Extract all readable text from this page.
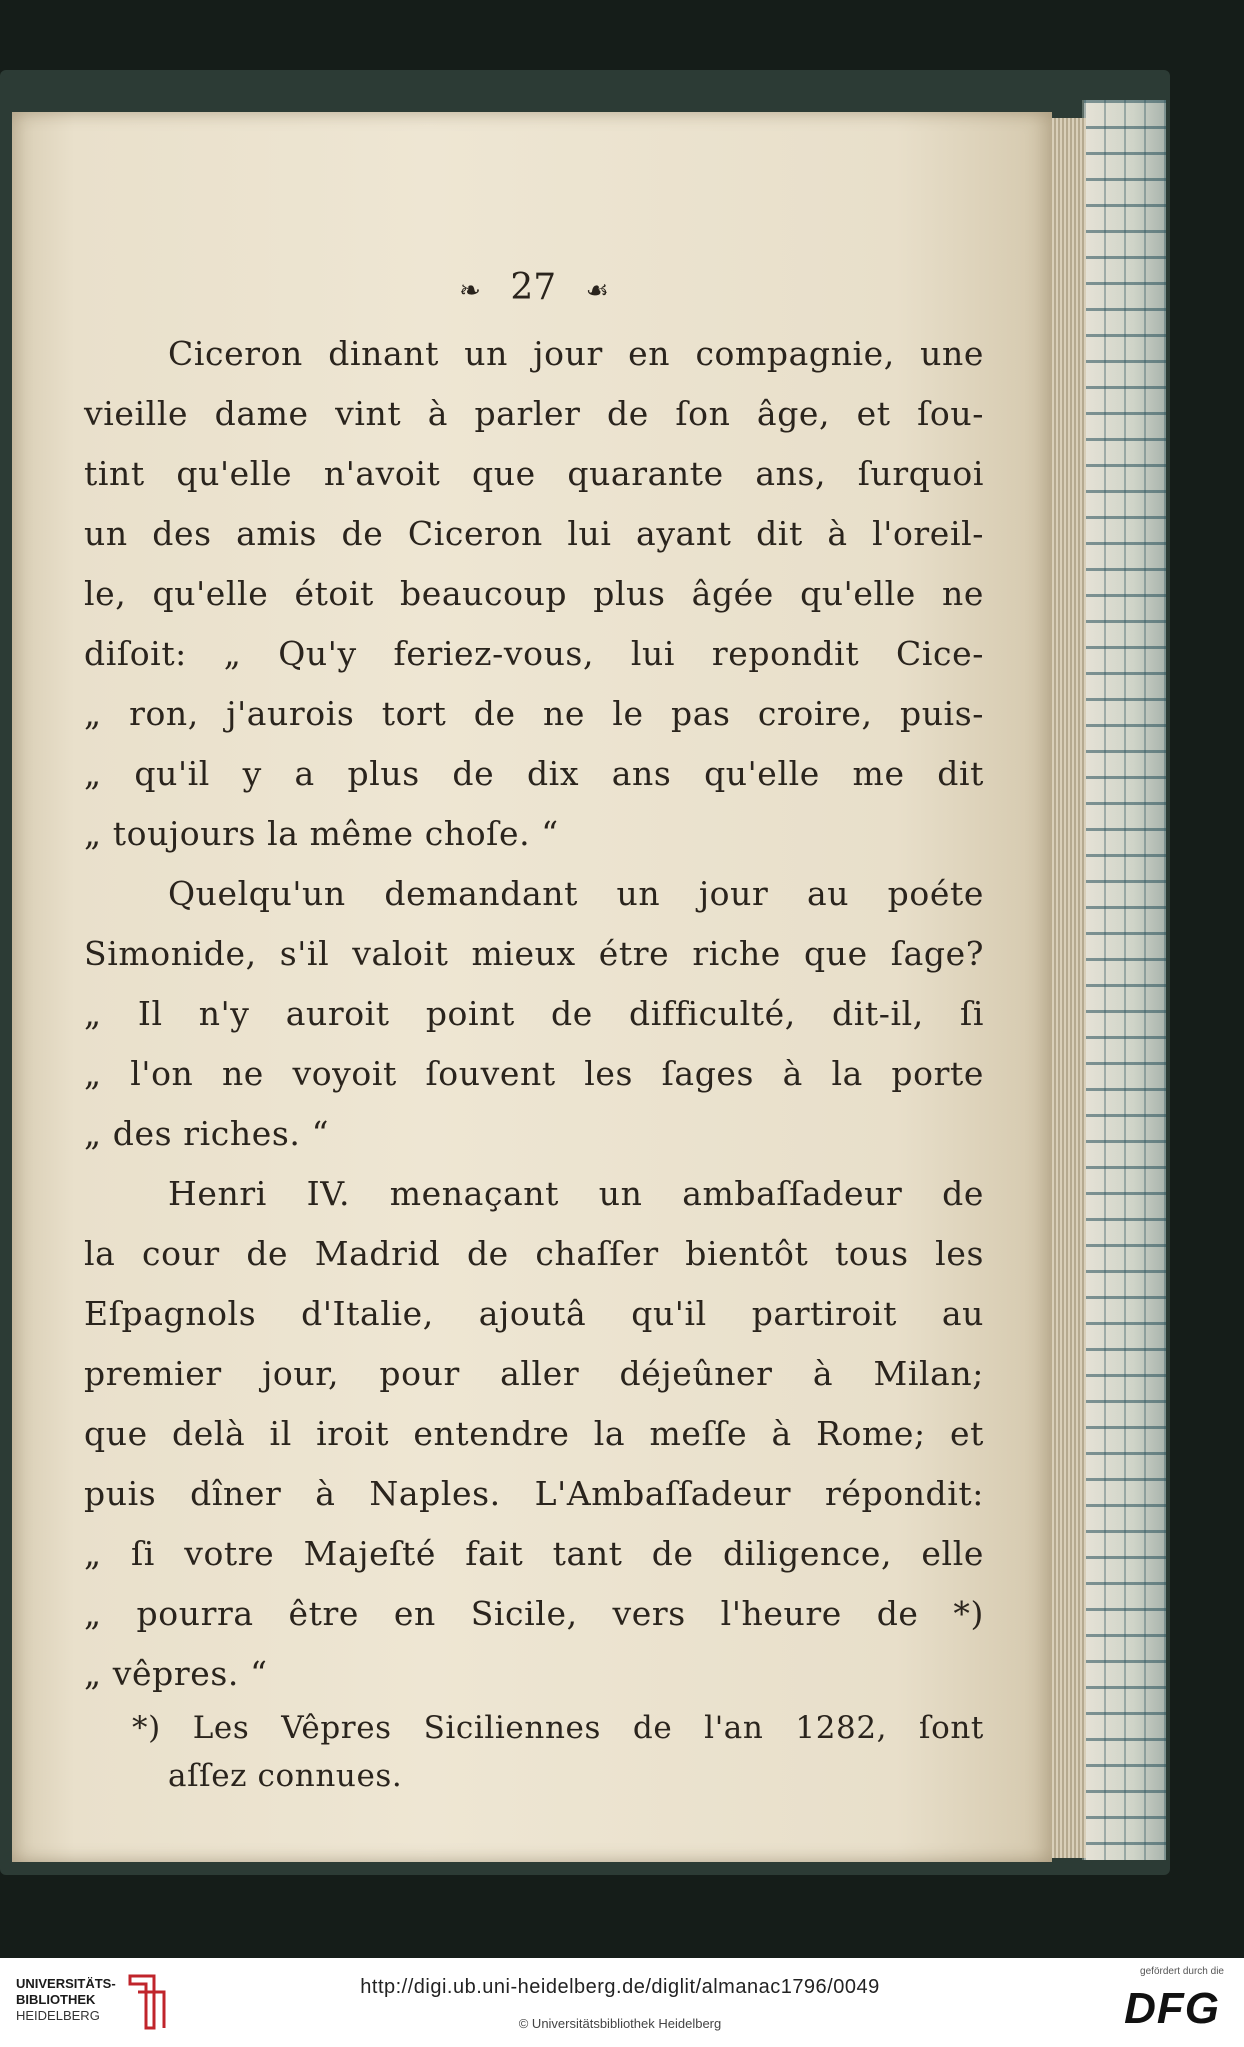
❧ 27 ☙
Ciceron dinant un jour en compagnie, une
vieille dame vint à parler de ſon âge, et ſou-
tint qu'elle n'avoit que quarante ans, ſurquoi
un des amis de Ciceron lui ayant dit à l'oreil-
le, qu'elle étoit beaucoup plus âgée qu'elle ne
diſoit: „ Qu'y feriez-vous, lui repondit Cice-
„ ron, j'aurois tort de ne le pas croire, puis-
„ qu'il y a plus de dix ans qu'elle me dit
„ toujours la même choſe. “
Quelqu'un demandant un jour au poéte
Simonide, s'il valoit mieux étre riche que ſage?
„ Il n'y auroit point de difficulté, dit-il, ſi
„ l'on ne voyoit ſouvent les ſages à la porte
„ des riches. “
Henri IV. menaçant un ambaſſadeur de
la cour de Madrid de chaſſer bientôt tous les
Eſpagnols d'Italie, ajoutâ qu'il partiroit au
premier jour, pour aller déjeûner à Milan;
que delà il iroit entendre la meſſe à Rome; et
puis dîner à Naples. L'Ambaſſadeur répondit:
„ ſi votre Majeſté fait tant de diligence, elle
„ pourra être en Sicile, vers l'heure de *)
„ vêpres. “
*) Les Vêpres Siciliennes de l'an 1282, ſont
aſſez connues.
UNIVERSITÄTS-
BIBLIOTHEK
HEIDELBERG
http://digi.ub.uni-heidelberg.de/diglit/almanac1796/0049
© Universitätsbibliothek Heidelberg
gefördert durch die
DFG
